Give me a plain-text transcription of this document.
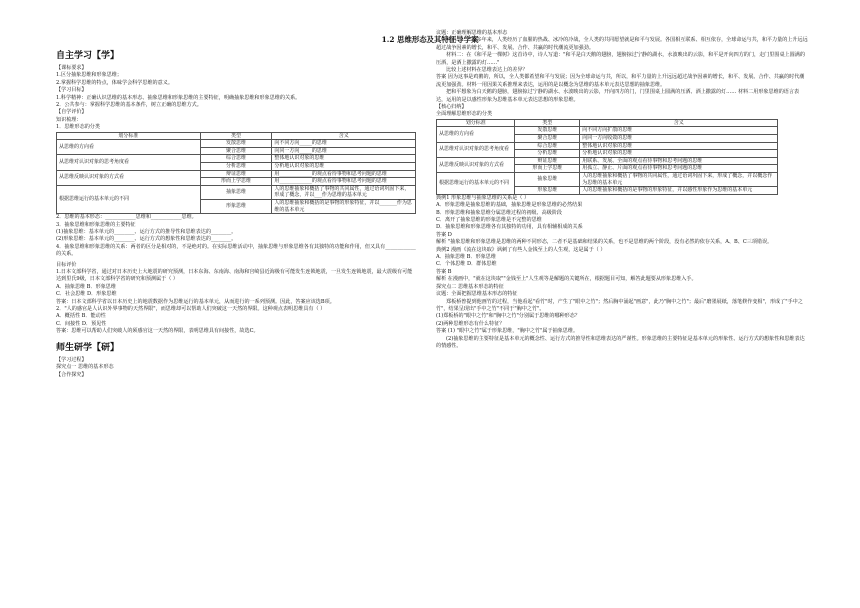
1.2 思维形态及其特征导学案
自主学习【学】

【课标要求】

1.区分抽象思维和形象思维；

2.掌握科学思维的特点，体味学会科学思维的意义。

【学习目标】

1.科学精神：正确认识思维的基本形态、抽象思维和形象思维的主要特征，明确抽象思维和形象思维的关系。

2．公共参与：掌握科学思维的基本条件，树立正确的思维方式。

【自学评价】

知识梳理：

1．思维形态的分类

划分标准	类型	含义
从思维的方向看	发散思维	向不同方向_____的思维
	聚合思维	向同一方向_____的思维
从思维对认识对象的思考角度看	综合思维	整体地认识对象的思维
	分析思维	分析地认识对象的思维
从思维反映认识对象的方式看	辩证思维	用_____________的观点看待事物和思考问题的思维
	形而上学思维	用_____________的观点看待事物和思考问题的思维
根据思维运行的基本单元的不同	抽象思维	人的思维抽象和概括了事物的共同属性，通过语词巩固下来，形成了概念，并以___作为思维的基本单元
	形象思维	人的思维抽象和概括的是事物的形象特征，并以_______作为思维的基本单元

2．思维的基本形态：____________思维和____________思维。

3．抽象思维和形象思维的主要特征

(1)抽象思维：基本单元的________、运行方式的推导性和思维表达的________。

(2)形象思维：基本单元的________、运行方式的想象性和思维表达的________。

4．抽象思维和形象思维的关系：两者的区分是相对的，不是绝对的。在实际思维活动中，抽象思维与形象思维各有其独特的功能和作用，但又具有____________的关系。

目标评价

1.日本文部科学省，通过对日本历史上大地震的研究预测，日本东海、东南海、南海和宫崎县近海极有可能发生连锁地震，一旦发生连锁地震，最大震级有可能达到里氏9级，日本文部科学省的研究和预测属于（ ）

A．抽象思维 B．形象思维

C．社会思维 D．形象思维

答案：日本文部科学省以日本历史上的地震数据作为思维运行的基本单元，从而进行的一系列预测。因此，答案应该选B项。

2．"人的感官是人认识外界事物的天然界限"，而思维却可以帮助人们突破这一天然的界限。这种观点表明思维具有（ ）

A．概括性 B．能动性

C．间接性 D．预见性

答案：思维可以帮助人们突破人的须感官这一天然的界限，表明思维具有间接性，故选C。

师生研学【研】

【学习过程】

探究点一 思维的基本形态

【合作探究】

议题：正确理解思维的基本形态

材料一：一百多年来，人类经历了血腥的热战、冰冷的冷战，全人类的共同愿望就是和平与发展。各国相互联系、相互依存，全球命运与共，和平力量的上升远远超过战争因素的增长，和平、发展、合作、共赢的时代潮流更加强劲。

材料二：在《和平是一棵树》这首诗中，诗人写道："和平是白天鹅的翅膀，翅膀掠过宁静的湖水，水波映出的云影，和平是开向四方的门，走门里围桌上圆满的压酒，是酒上撒露的灯……"

比较上述材料在思维表达上的差异？

答案 因为这事是鸡鹅的，所以，全人类都希望和平与发展；因为全球命运与共，所以，和平力量的上升远远超过战争因素的增长，和平、发展、合作、共赢的时代潮流更加强劲。材料一用因果关系推理来表达，运用的是以概念为思维的基本单元表达思想的抽象思维。

把和平想象为白天鹅的翅膀，翅膀掠过宁静的湖水、水波映出的云影，开向四方的门，门里围桌上圆满的压酒、酒上撒露的灯…… 材料二用形象思维的语言表达，运用的是以感性形象为思维基本单元表达思想的形象思维。

【核心归纳】

全面理解思维形态的分类

划分标准	类型	含义
从思维的方向看	发散思维	向不同方向扩散的思维
	聚合思维	向同一方向收敛的思维
从思维对认识对象的思考角度看	综合思维	整体地认识对象的思维
	分析思维	分析地认识对象的思维
从思维反映认识对象的方式看	辩证思维	用联系、发展、全面的观点看待事物和思考问题的思维
	形而上学思维	用孤立、静止、片面的观点看待事物和思考问题的思维
根据思维运行的基本单元的不同	抽象思维	人的思维抽象和概括了事物的共同属性，通过语词巩固下来，形成了概念，并以概念作为思维的基本单元
	形象思维	人的思维抽象和概括的是事物的形象特征，并以感性形象作为思维的基本单元

典例1 形象思维与抽象思维的关系是（ ）

A．形象思维是抽象思维的基础，抽象思维是形象思维的必然结果

B．形象思维和抽象思维分属思维过程的初级、高级阶段

C．离开了抽象思维的形象思维是不完整的思维

D．抽象思维和形象思维各有其独特的功用，具有相辅相成的关系

答案 D

解析 "抽象思维和形象思维是思维的两种不同形态，二者不是基础和结果的关系，也不是思维的两个阶段，没有必然的依存关系，A、B、C三项错误。

典例2 漫画《流在这块取》讽刺了有些人金钱至上的人生观，这是属于（ ）

A．抽象思维 B．形象思维

C．个体思维 D．群体思维

答案 B

解析 在漫画中，"就在这块取""金钱至上"人生观等是解题的关键所在，根据题目可知，解答此题要从形象思维入手。

探究点二 思维基本形态的特征

议题：全面把握思维基本形态的特征

郑板桥曾提到他画竹的过程，当他看起"看竹"时，产生了"眼中之竹"；然后胸中涌起"画意"，此乃"胸中之竹"；最后"磨墨展纸，落笔倏作变相"，形成了"手中之竹"，结果呈现出"手中之竹"不同于"胸中之竹"。

(1)郑板桥的"眼中之竹"和"胸中之竹"分别属于思维的哪种形态？

(2)两种思维形态有什么特征？

答案 (1) "眼中之竹"属于形象思维，"胸中之竹"属于抽象思维。

(2)抽象思维的主要特征是基本单元的概念性、运行方式的推导性和思维表达的严谨性。形象思维的主要特征是基本单元的形象性、运行方式的想象性和思维表达的情感性。
